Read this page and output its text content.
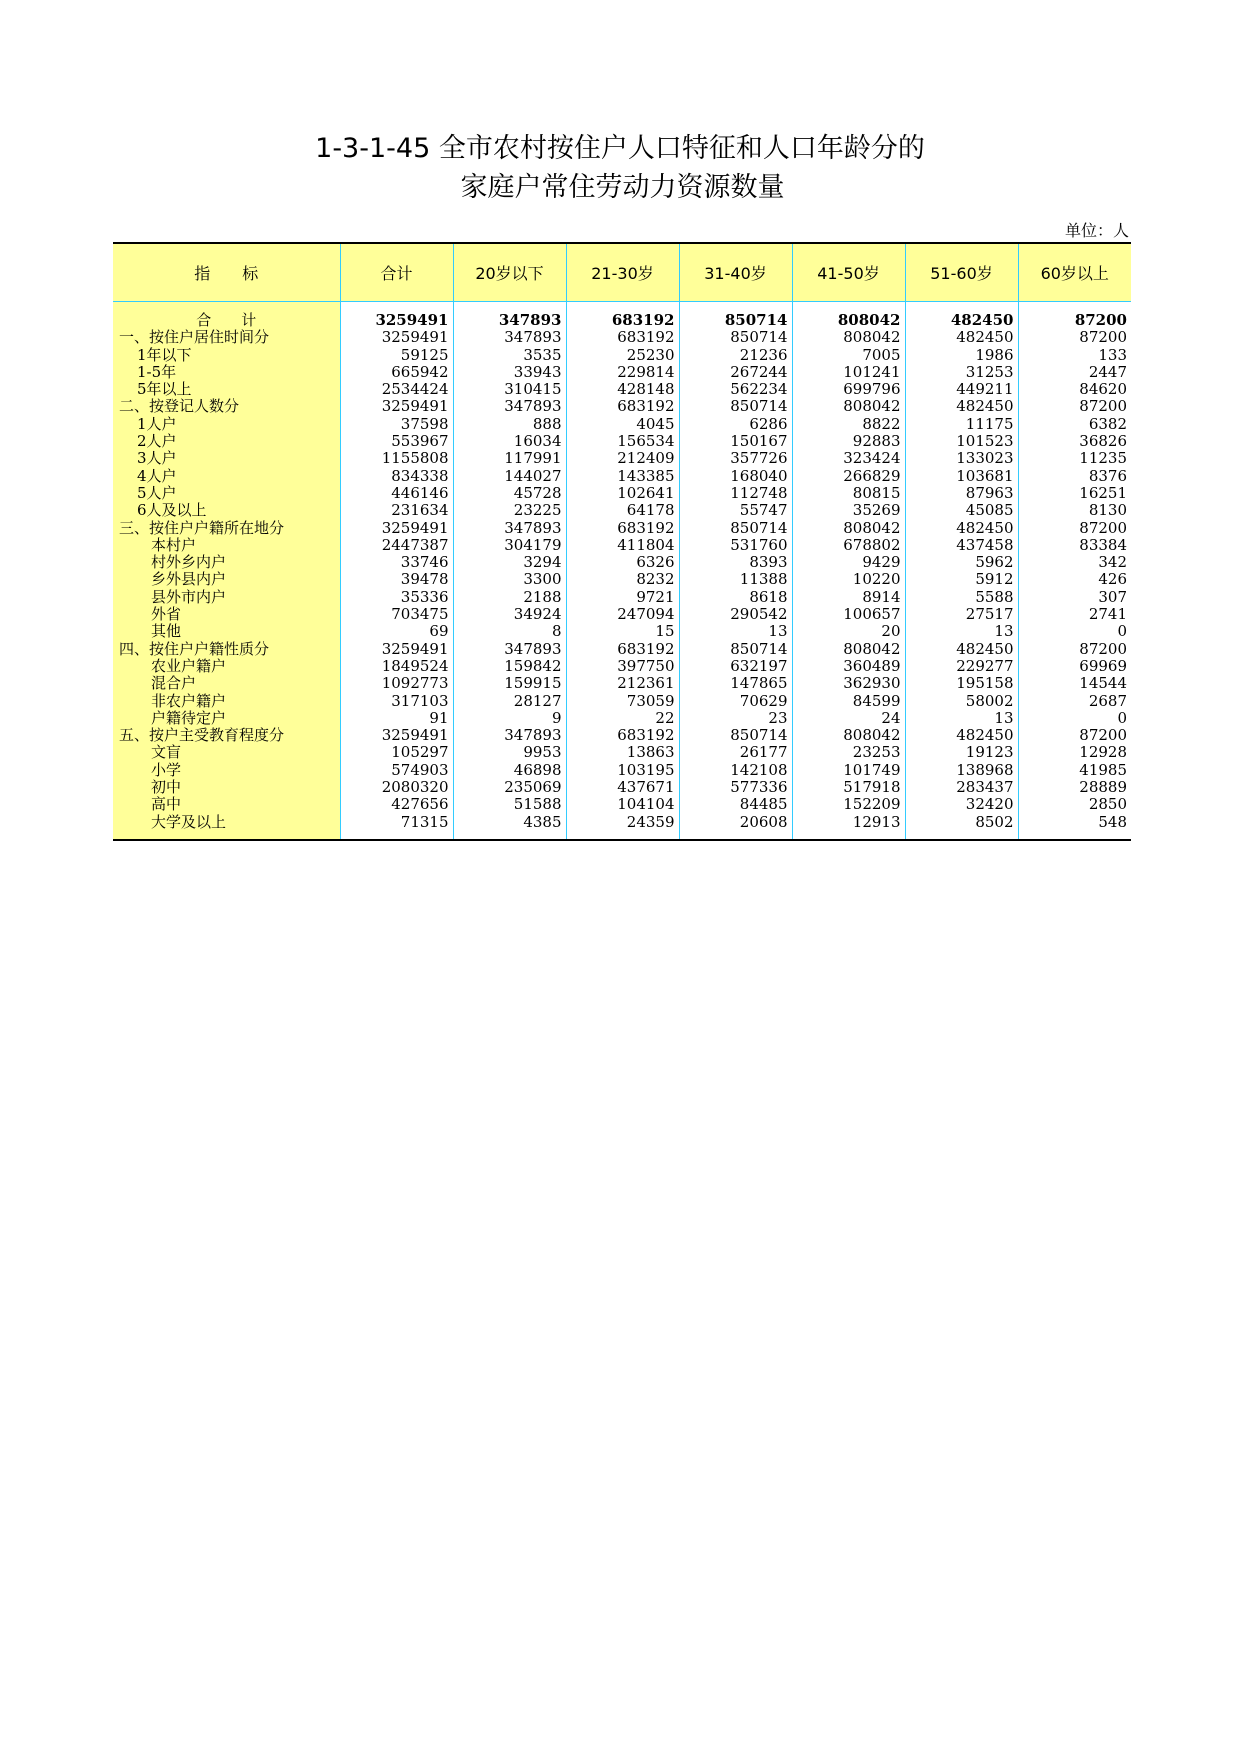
1-3-1-45 全市农村按住户人口特征和人口年龄分的
家庭户常住劳动力资源数量
单位：人
指　　标	合计	20岁以下	21-30岁	31-40岁	41-50岁	51-60岁	60岁以上
合　　计	3259491	347893	683192	850714	808042	482450	87200
一、按住户居住时间分	3259491	347893	683192	850714	808042	482450	87200
1年以下	59125	3535	25230	21236	7005	1986	133
1-5年	665942	33943	229814	267244	101241	31253	2447
5年以上	2534424	310415	428148	562234	699796	449211	84620
二、按登记人数分	3259491	347893	683192	850714	808042	482450	87200
1人户	37598	888	4045	6286	8822	11175	6382
2人户	553967	16034	156534	150167	92883	101523	36826
3人户	1155808	117991	212409	357726	323424	133023	11235
4人户	834338	144027	143385	168040	266829	103681	8376
5人户	446146	45728	102641	112748	80815	87963	16251
6人及以上	231634	23225	64178	55747	35269	45085	8130
三、按住户户籍所在地分	3259491	347893	683192	850714	808042	482450	87200
本村户	2447387	304179	411804	531760	678802	437458	83384
村外乡内户	33746	3294	6326	8393	9429	5962	342
乡外县内户	39478	3300	8232	11388	10220	5912	426
县外市内户	35336	2188	9721	8618	8914	5588	307
外省	703475	34924	247094	290542	100657	27517	2741
其他	69	8	15	13	20	13	0
四、按住户户籍性质分	3259491	347893	683192	850714	808042	482450	87200
农业户籍户	1849524	159842	397750	632197	360489	229277	69969
混合户	1092773	159915	212361	147865	362930	195158	14544
非农户籍户	317103	28127	73059	70629	84599	58002	2687
户籍待定户	91	9	22	23	24	13	0
五、按户主受教育程度分	3259491	347893	683192	850714	808042	482450	87200
文盲	105297	9953	13863	26177	23253	19123	12928
小学	574903	46898	103195	142108	101749	138968	41985
初中	2080320	235069	437671	577336	517918	283437	28889
高中	427656	51588	104104	84485	152209	32420	2850
大学及以上	71315	4385	24359	20608	12913	8502	548
